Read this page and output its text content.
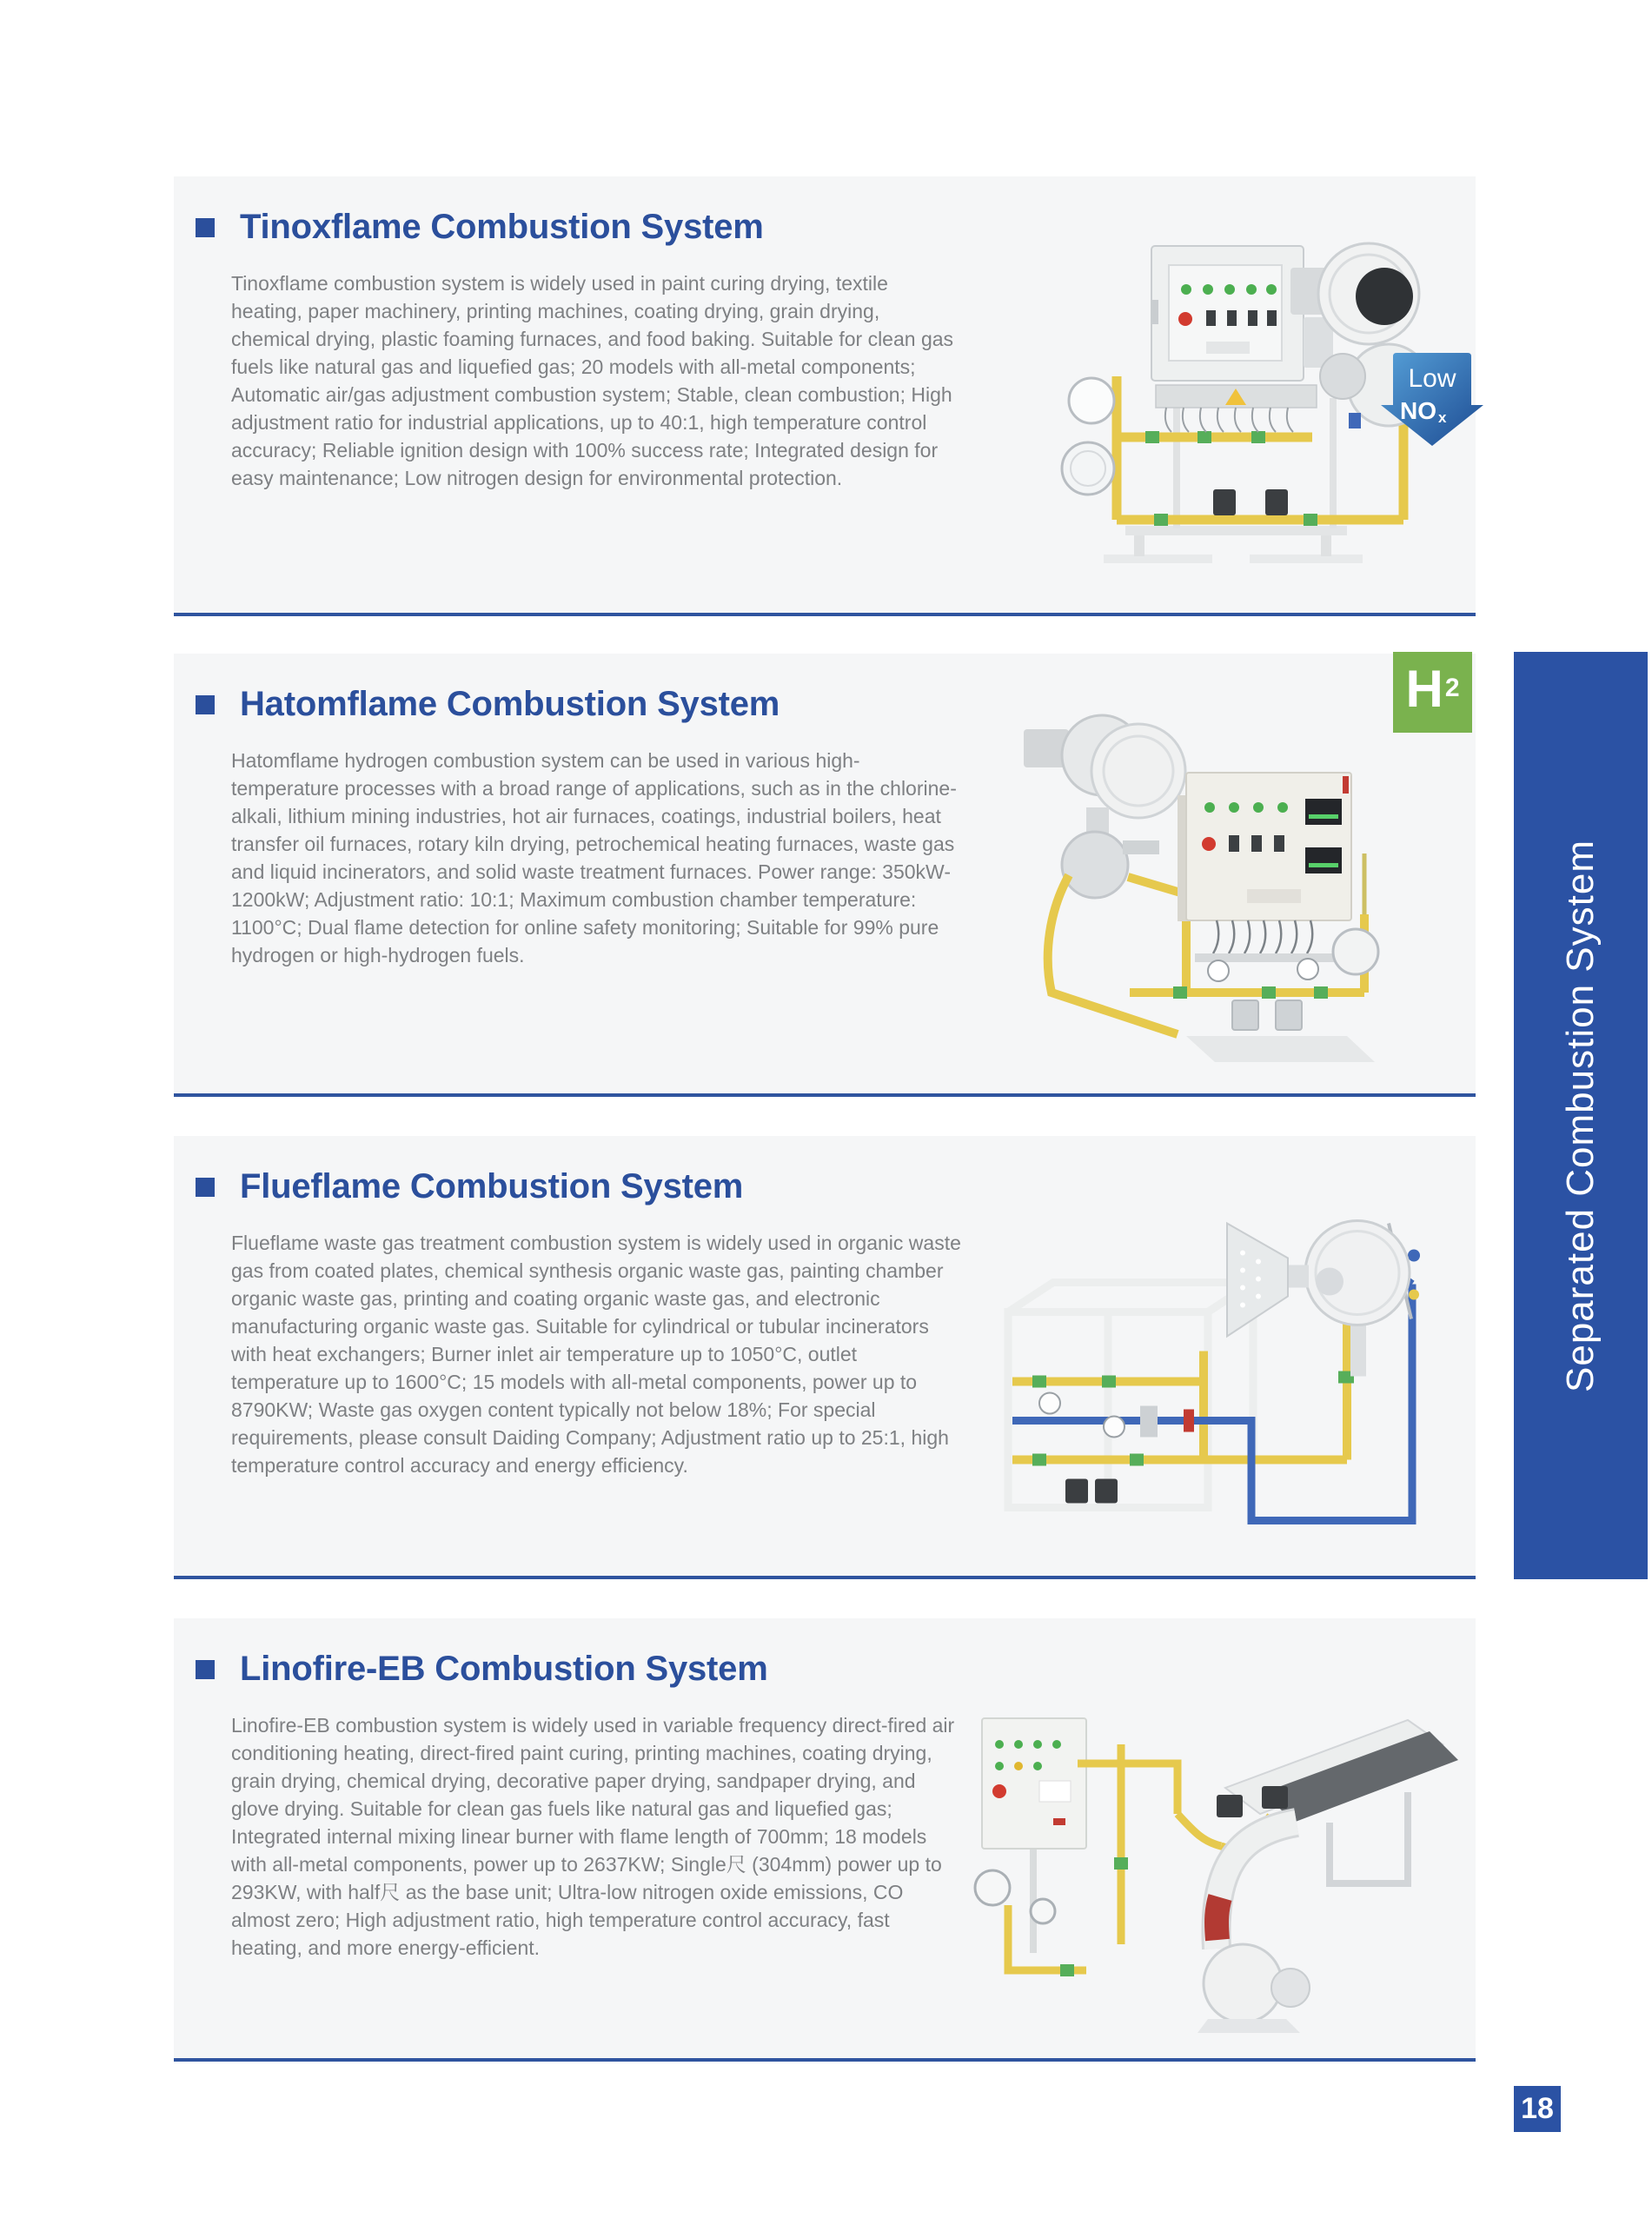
Tinoxflame Combustion System

Tinoxflame combustion system is widely used in paint curing drying, textile heating, paper machinery, printing machines, coating drying, grain drying, chemical drying, plastic foaming furnaces, and food baking. Suitable for clean gas fuels like natural gas and liquefied gas; 20 models with all-metal components; Automatic air/gas adjustment combustion system; Stable, clean combustion; High adjustment ratio for industrial applications, up to 40:1, high temperature control accuracy; Reliable ignition design with 100% success rate; Integrated design for easy maintenance; Low nitrogen design for environmental protection.

Low
NO x
Hatomflame Combustion System

Hatomflame hydrogen combustion system can be used in various high-temperature processes with a broad range of applications, such as in the chlorine-alkali, lithium mining industries, hot air furnaces, coatings, industrial boilers, heat transfer oil furnaces, rotary kiln drying, petrochemical heating furnaces, waste gas and liquid incinerators, and solid waste treatment furnaces. Power range: 350kW-1200kW; Adjustment ratio: 10:1; Maximum combustion chamber temperature: 1100°C; Dual flame detection for online safety monitoring; Suitable for 99% pure hydrogen or high-hydrogen fuels.

H 2
Flueflame Combustion System

Flueflame waste gas treatment combustion system is widely used in organic waste gas from coated plates, chemical synthesis organic waste gas, painting chamber organic waste gas, printing and coating organic waste gas, and electronic manufacturing organic waste gas. Suitable for cylindrical or tubular incinerators with heat exchangers; Burner inlet air temperature up to 1050°C, outlet temperature up to 1600°C; 15 models with all-metal components, power up to 8790KW; Waste gas oxygen content typically not below 18%; For special requirements, please consult Daiding Company; Adjustment ratio up to 25:1, high temperature control accuracy and energy efficiency.

Linofire-EB Combustion System

Linofire-EB combustion system is widely used in variable frequency direct-fired air conditioning heating, direct-fired paint curing, printing machines, coating drying, grain drying, chemical drying, decorative paper drying, sandpaper drying, and glove drying. Suitable for clean gas fuels like natural gas and liquefied gas; Integrated internal mixing linear burner with flame length of 700mm; 18 models with all-metal components, power up to 2637KW; Single尺 (304mm) power up to 293KW, with half尺 as the base unit; Ultra-low nitrogen oxide emissions, CO almost zero; High adjustment ratio, high temperature control accuracy, fast heating, and more energy-efficient.

Separated Combustion System
18
